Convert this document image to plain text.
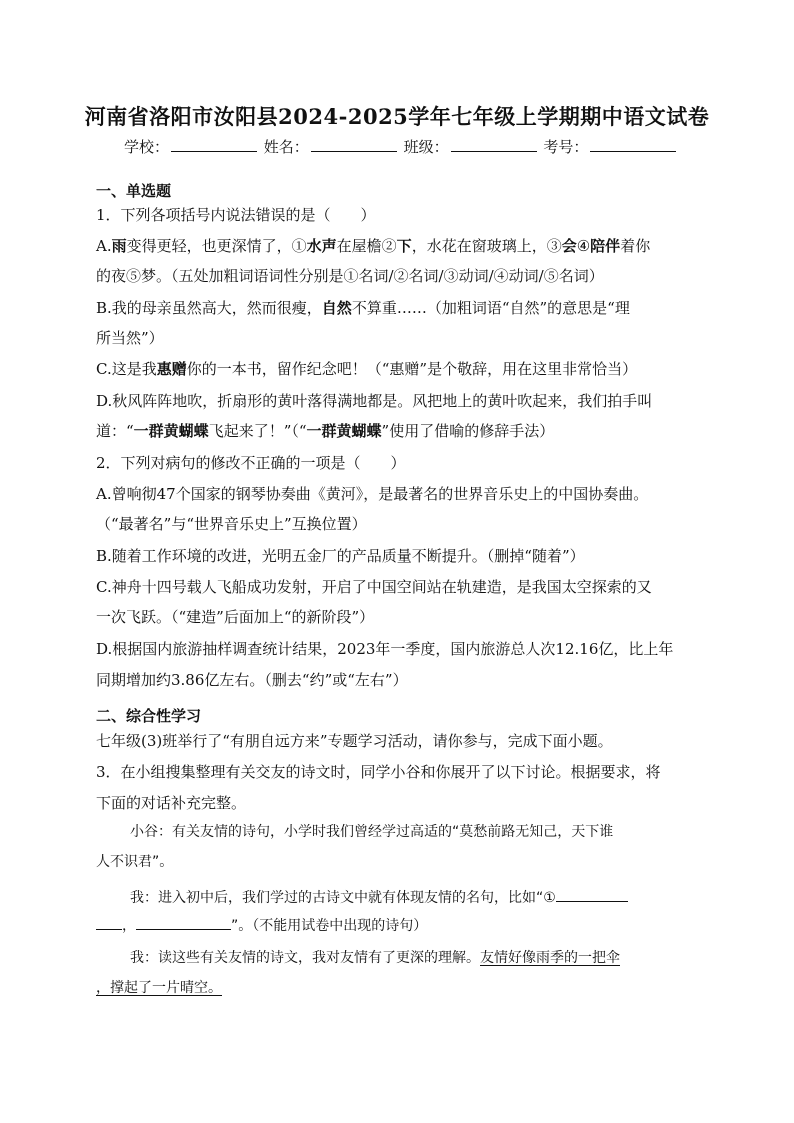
河南省洛阳市汝阳县2024-2025学年七年级上学期期中语文试卷
学校：	姓名：	班级：	考号：
一、单选题
1．下列各项括号内说法错误的是（　　）
A.雨变得更轻，也更深情了，①水声在屋檐②下，水花在窗玻璃上，③会④陪伴着你
的夜⑤梦。（五处加粗词语词性分别是①名词/②名词/③动词/④动词/⑤名词）
B.我的母亲虽然高大，然而很瘦，自然不算重……（加粗词语“自然”的意思是“理
所当然”）
C.这是我惠赠你的一本书，留作纪念吧！（“惠赠”是个敬辞，用在这里非常恰当）
D.秋风阵阵地吹，折扇形的黄叶落得满地都是。风把地上的黄叶吹起来，我们拍手叫
道：“一群黄蝴蝶飞起来了！”（“一群黄蝴蝶”使用了借喻的修辞手法）
2．下列对病句的修改不正确的一项是（　　）
A.曾响彻47个国家的钢琴协奏曲《黄河》，是最著名的世界音乐史上的中国协奏曲。
（“最著名”与“世界音乐史上”互换位置）
B.随着工作环境的改进，光明五金厂的产品质量不断提升。（删掉“随着”）
C.神舟十四号载人飞船成功发射，开启了中国空间站在轨建造，是我国太空探索的又
一次飞跃。（“建造”后面加上“的新阶段”）
D.根据国内旅游抽样调查统计结果，2023年一季度，国内旅游总人次12.16亿，比上年
同期增加约3.86亿左右。（删去“约”或“左右”）
二、综合性学习
七年级(3)班举行了“有朋自远方来”专题学习活动，请你参与，完成下面小题。
3．在小组搜集整理有关交友的诗文时，同学小谷和你展开了以下讨论。根据要求，将
下面的对话补充完整。
小谷：有关友情的诗句，小学时我们曾经学过高适的“莫愁前路无知己，天下谁
人不识君”。
我：进入初中后，我们学过的古诗文中就有体现友情的名句，比如“①
，	”。（不能用试卷中出现的诗句）
我：读这些有关友情的诗文，我对友情有了更深的理解。友情好像雨季的一把伞
，撑起了一片晴空。
